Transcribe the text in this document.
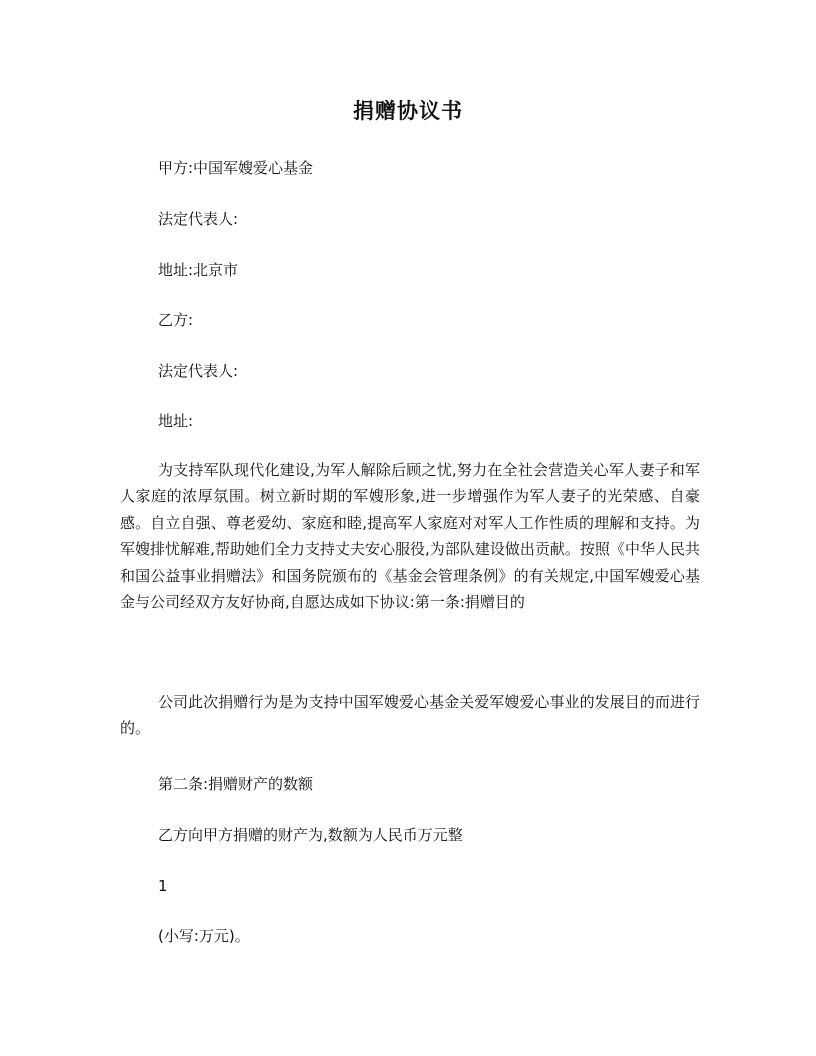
捐赠协议书
甲方:中国军嫂爱心基金
法定代表人:
地址:北京市
乙方:
法定代表人:
地址:
为支持军队现代化建设,为军人解除后顾之忧,努力在全社会营造关心军人妻子和军人家庭的浓厚氛围。树立新时期的军嫂形象,进一步增强作为军人妻子的光荣感、自豪感。自立自强、尊老爱幼、家庭和睦,提高军人家庭对对军人工作性质的理解和支持。为军嫂排忧解难,帮助她们全力支持丈夫安心服役,为部队建设做出贡献。按照《中华人民共和国公益事业捐赠法》和国务院颁布的《基金会管理条例》的有关规定,中国军嫂爱心基金与公司经双方友好协商,自愿达成如下协议:第一条:捐赠目的
公司此次捐赠行为是为支持中国军嫂爱心基金关爱军嫂爱心事业的发展目的而进行的。
第二条:捐赠财产的数额
乙方向甲方捐赠的财产为,数额为人民币万元整
1
(小写:万元)。
